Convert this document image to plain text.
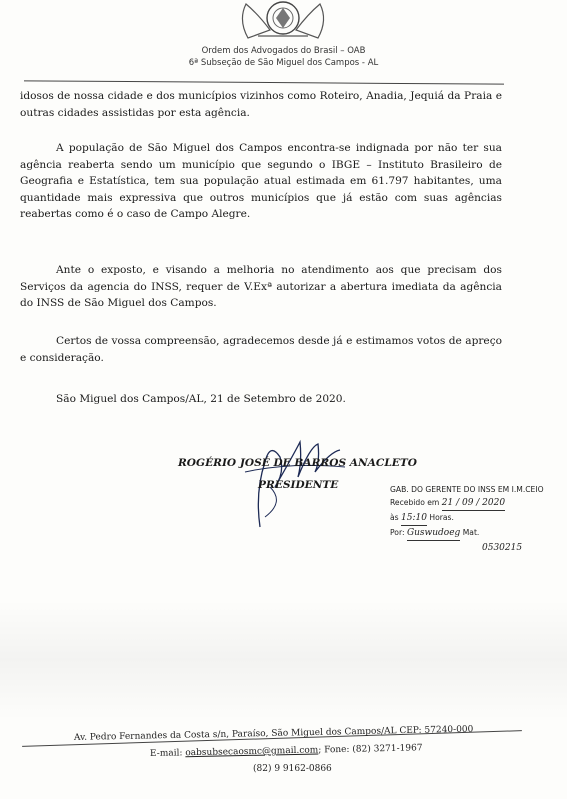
Ordem dos Advogados do Brasil – OAB
6ª Subseção de São Miguel dos Campos - AL
idosos de nossa cidade e dos municípios vizinhos como Roteiro, Anadia, Jequiá da Praia e outras cidades assistidas por esta agência.
A população de São Miguel dos Campos encontra-se indignada por não ter sua agência reaberta sendo um município que segundo o IBGE – Instituto Brasileiro de Geografia e Estatística, tem sua população atual estimada em 61.797 habitantes, uma quantidade mais expressiva que outros municípios que já estão com suas agências reabertas como é o caso de Campo Alegre.
Ante o exposto, e visando a melhoria no atendimento aos que precisam dos Serviços da agencia do INSS, requer de V.Exª autorizar a abertura imediata da agência do INSS de São Miguel dos Campos.
Certos de vossa compreensão, agradecemos desde já e estimamos votos de apreço e consideração.
São Miguel dos Campos/AL, 21 de Setembro de 2020.
ROGÉRIO JOSÉ DE BARROS ANACLETO
PRESIDENTE	GAB. DO GERENTE DO INSS EM I.M.CEIO
Recebido em 21 / 09 / 2020
às 15:10 Horas.
Por: Guswudoeg Mat.
0530215
Av. Pedro Fernandes da Costa s/n, Paraíso, São Miguel dos Campos/AL CEP: 57240-000
E-mail: oabsubsecaosmc@gmail.com; Fone: (82) 3271-1967
(82) 9 9162-0866
